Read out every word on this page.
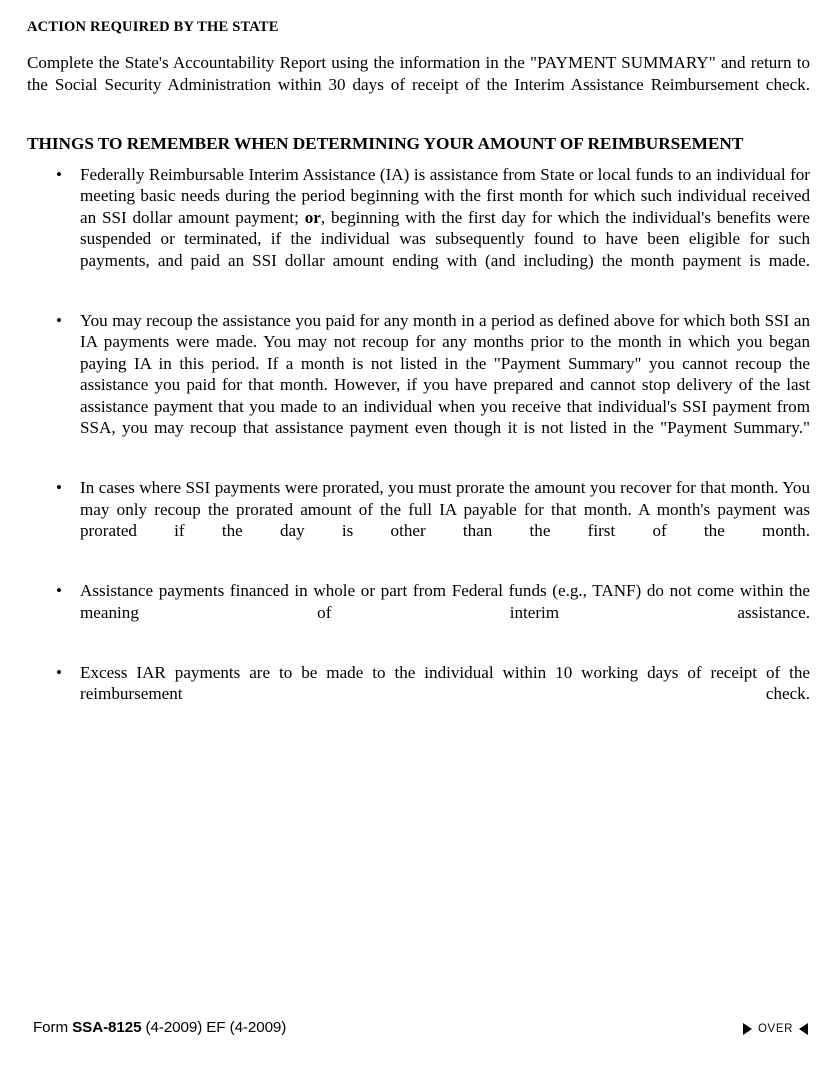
ACTION REQUIRED BY THE STATE

Complete the State's Accountability Report using the information in the "PAYMENT SUMMARY" and return to the Social Security Administration within 30 days of receipt of the Interim Assistance Reimbursement check.

THINGS TO REMEMBER WHEN DETERMINING YOUR AMOUNT OF REIMBURSEMENT
• Federally Reimbursable Interim Assistance (IA) is assistance from State or local funds to an individual for meeting basic needs during the period beginning with the first month for which such individual received an SSI dollar amount payment; or, beginning with the first day for which the individual's benefits were suspended or terminated, if the individual was subsequently found to have been eligible for such payments, and paid an SSI dollar amount ending with (and including) the month payment is made.
• You may recoup the assistance you paid for any month in a period as defined above for which both SSI an IA payments were made. You may not recoup for any months prior to the month in which you began paying IA in this period. If a month is not listed in the "Payment Summary" you cannot recoup the assistance you paid for that month. However, if you have prepared and cannot stop delivery of the last assistance payment that you made to an individual when you receive that individual's SSI payment from SSA, you may recoup that assistance payment even though it is not listed in the "Payment Summary."
• In cases where SSI payments were prorated, you must prorate the amount you recover for that month. You may only recoup the prorated amount of the full IA payable for that month. A month's payment was prorated if the day is other than the first of the month.
• Assistance payments financed in whole or part from Federal funds (e.g., TANF) do not come within the meaning of interim assistance.
• Excess IAR payments are to be made to the individual within 10 working days of receipt of the reimbursement check.
Form SSA-8125 (4-2009) EF (4-2009)	OVER
